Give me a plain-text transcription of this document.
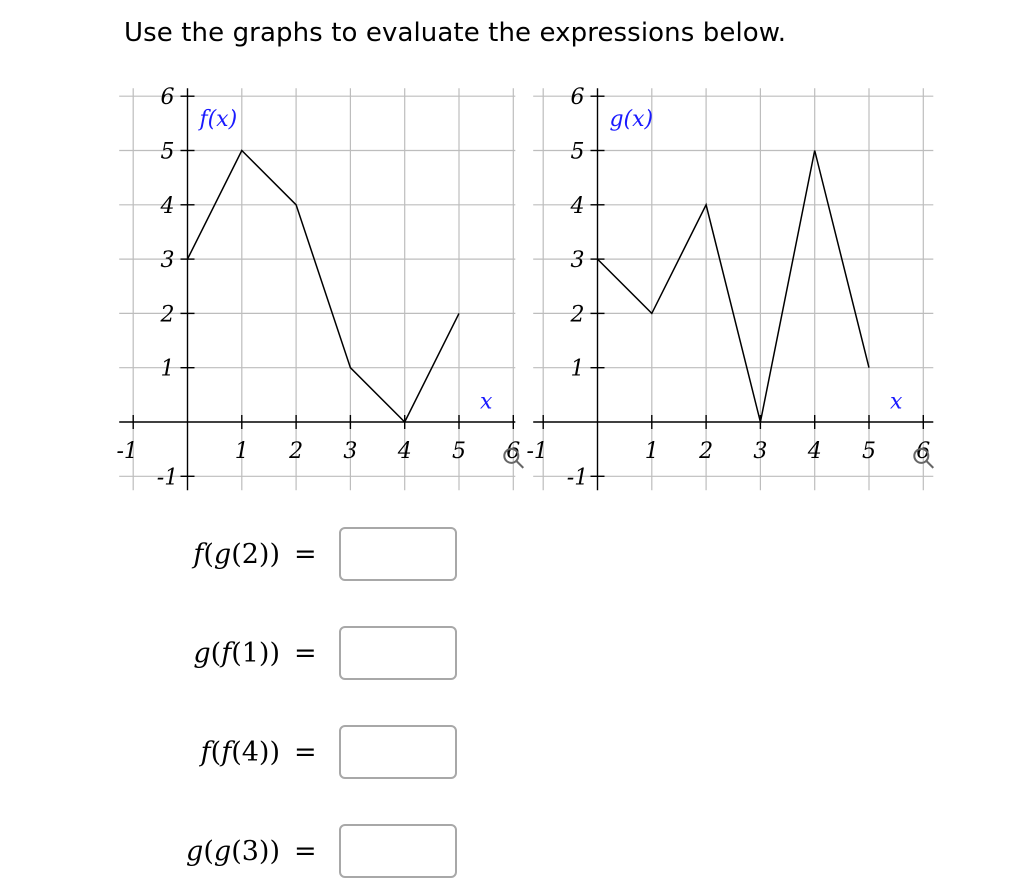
Use the graphs to evaluate the expressions below.
-1	1 2 3 4 5 6
6
5
4
3
2
1
-1
f(x)
x
-1	1 2 3 4 5 6
6
5
4
3
2
1
-1
g(x)
x
f(g(2)) =
g(f(1)) =
f(f(4)) =
g(g(3)) =
